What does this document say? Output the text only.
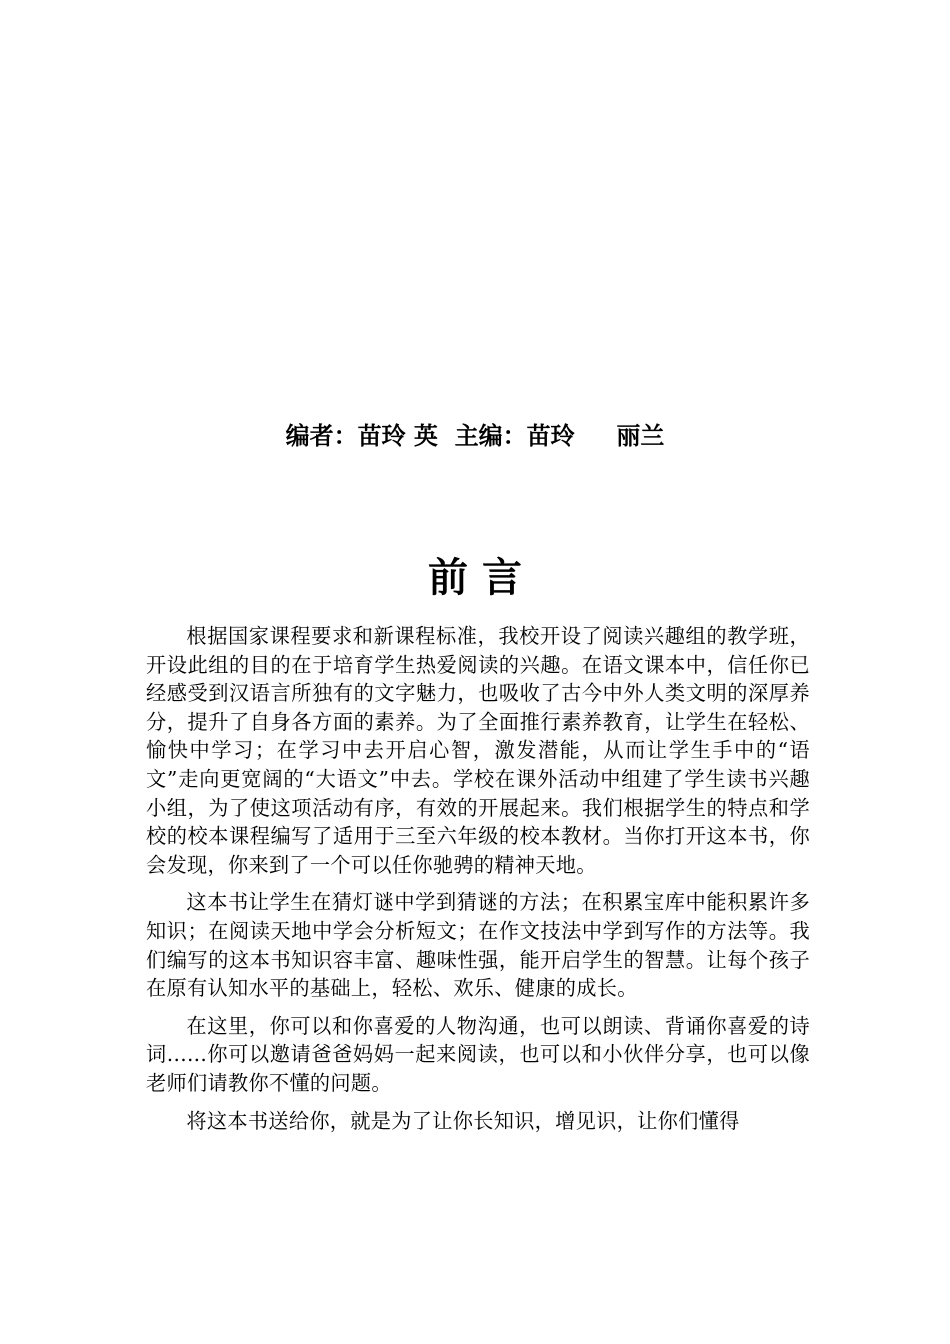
编者：苗玲 英  主编：苗玲     丽兰
前 言

根据国家课程要求和新课程标准，我校开设了阅读兴趣组的教学班，开设此组的目的在于培育学生热爱阅读的兴趣。在语文课本中，信任你已经感受到汉语言所独有的文字魅力，也吸收了古今中外人类文明的深厚养分，提升了自身各方面的素养。为了全面推行素养教育，让学生在轻松、愉快中学习；在学习中去开启心智，激发潜能，从而让学生手中的“语文”走向更宽阔的“大语文”中去。学校在课外活动中组建了学生读书兴趣小组，为了使这项活动有序，有效的开展起来。我们根据学生的特点和学校的校本课程编写了适用于三至六年级的校本教材。当你打开这本书，你会发现，你来到了一个可以任你驰骋的精神天地。

这本书让学生在猜灯谜中学到猜谜的方法；在积累宝库中能积累许多知识；在阅读天地中学会分析短文；在作文技法中学到写作的方法等。我们编写的这本书知识容丰富、趣味性强，能开启学生的智慧。让每个孩子在原有认知水平的基础上，轻松、欢乐、健康的成长。

在这里，你可以和你喜爱的人物沟通，也可以朗读、背诵你喜爱的诗词......你可以邀请爸爸妈妈一起来阅读，也可以和小伙伴分享，也可以像老师们请教你不懂的问题。

将这本书送给你，就是为了让你长知识，增见识，让你们懂得
